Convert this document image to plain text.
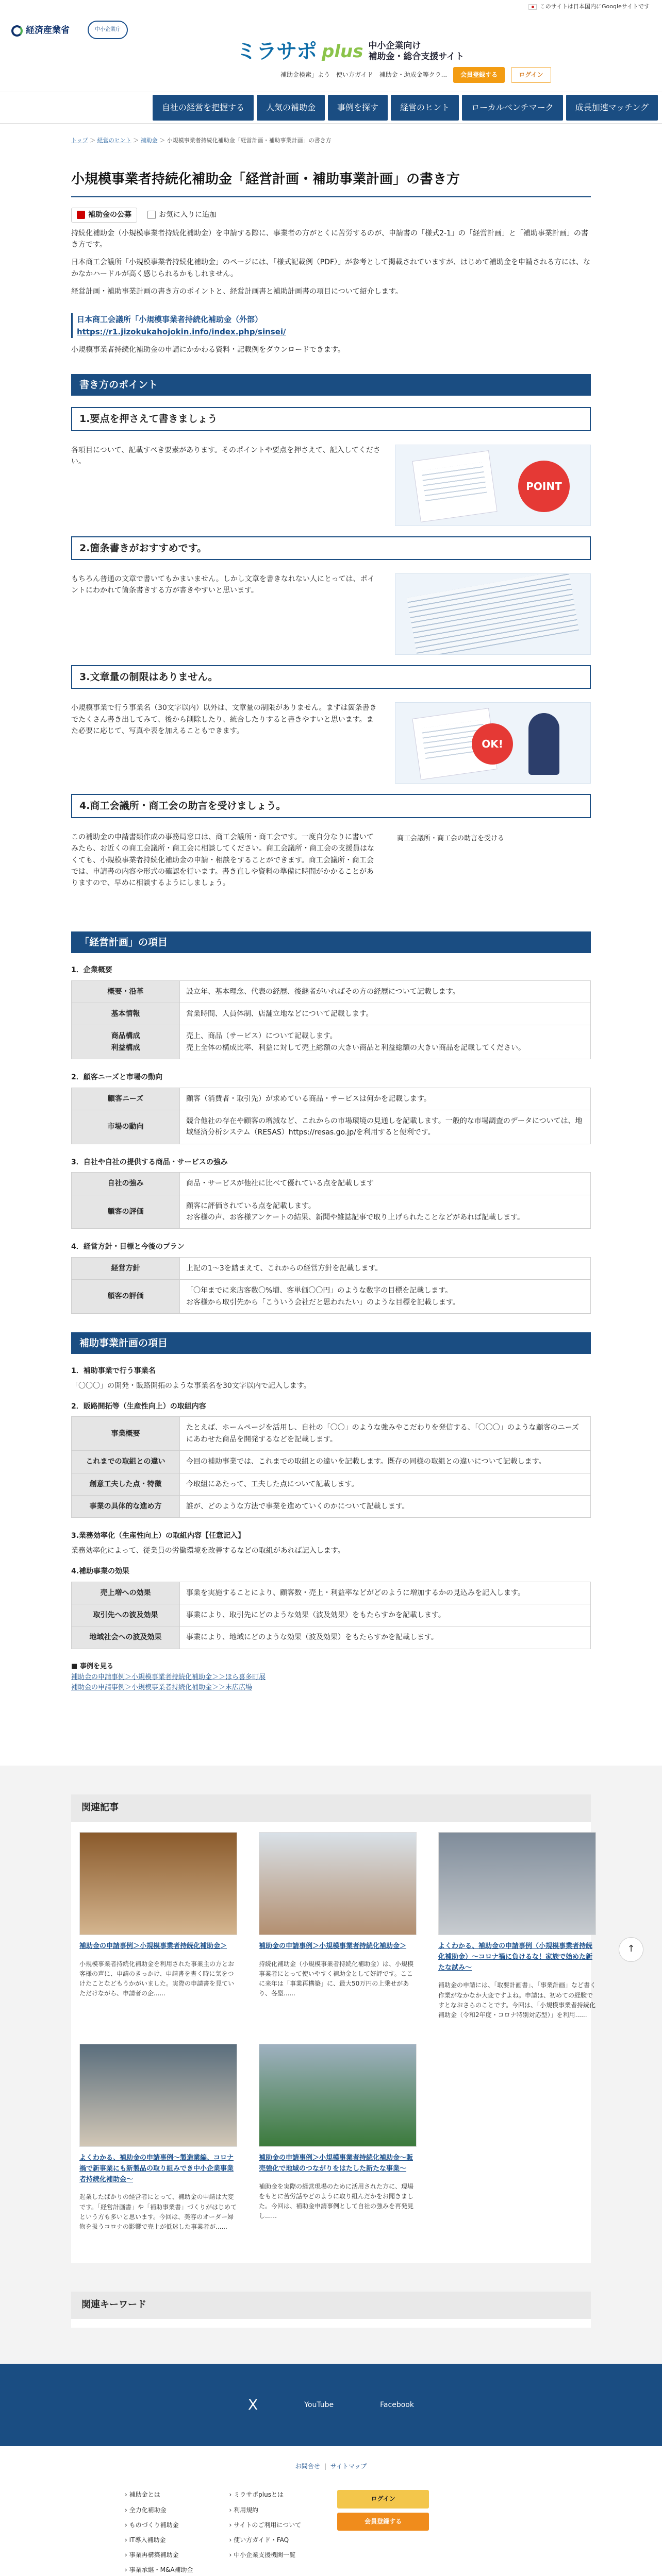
このサイトは日本国内にGoogleサイトです
経済産業省	中小企業庁
ミラサポ plus 中小企業向け
補助金・総合支援サイト
補助金検索」よう 使い方ガイド 補助金・助成金等クラ...	会員登録する	ログイン
自社の経営を把握する	人気の補助金	事例を探す	経営のヒント	ローカルベンチマーク	成長加速マッチング
トップ ＞ 経営のヒント ＞ 補助金 ＞ 小規模事業者持続化補助金「経営計画・補助事業計画」の書き方
小規模事業者持続化補助金「経営計画・補助事業計画」の書き方
補助金の公募	お気に入りに追加

持続化補助金（小規模事業者持続化補助金）を申請する際に、事業者の方がとくに苦労するのが、申請書の「様式2-1」の「経営計画」と「補助事業計画」の書き方です。

日本商工会議所「小規模事業者持続化補助金」のページには、「様式記載例（PDF）」が参考として掲載されていますが、はじめて補助金を申請される方には、なかなかハードルが高く感じられるかもしれません。

経営計画・補助事業計画の書き方のポイントと、経営計画書と補助計画書の項目について紹介します。

日本商工会議所「小規模事業者持続化補助金（外部）
https://r1.jizokukahojokin.info/index.php/sinsei/

小規模事業者持続化補助金の申請にかかわる資料・記載例をダウンロードできます。

書き方のポイント
1.要点を押さえて書きましょう
各項目について、記載すべき要素があります。そのポイントや要点を押さえて、記入してください。
POINT
2.箇条書きがおすすめです。
もちろん普通の文章で書いてもかまいません。しかし文章を書きなれない人にとっては、ポイントにわかれて箇条書きする方が書きやすいと思います。
3.文章量の制限はありません。
小規模事業で行う事業名（30文字以内）以外は、文章量の制限がありません。まずは箇条書きでたくさん書き出してみて、後から削除したり、統合したりすると書きやすいと思います。また必要に応じて、写真や表を加えることもできます。
OK!
4.商工会議所・商工会の助言を受けましょう。
この補助金の申請書類作成の事務局窓口は、商工会議所・商工会です。一度自分なりに書いてみたら、お近くの商工会議所・商工会に相談してください。商工会議所・商工会の支援員はなくても、小規模事業者持続化補助金の申請・相談をすることができます。商工会議所・商工会では、申請書の内容や形式の確認を行います。書き直しや資料の準備に時間がかかることがありますので、早めに相談するようにしましょう。
商工会議所・商工会の助言を受ける
「経営計画」の項目
1．企業概要
概要・沿革	設立年、基本理念、代表の経歴、後継者がいればその方の経歴について記載します。
基本情報	営業時間、人員体制、店舗立地などについて記載します。
商品構成
利益構成	売上、商品（サービス）について記載します。
売上全体の構成比率、利益に対して売上総額の大きい商品と利益総額の大きい商品を記載してください。
2．顧客ニーズと市場の動向
顧客ニーズ	顧客（消費者・取引先）が求めている商品・サービスは何かを記載します。
市場の動向	競合他社の存在や顧客の増減など、これからの市場環境の見通しを記載します。一般的な市場調査のデータについては、地域経済分析システム（RESAS）https://resas.go.jp/を利用すると便利です。
3．自社や自社の提供する商品・サービスの強み
自社の強み	商品・サービスが他社に比べて優れている点を記載します
顧客の評価	顧客に評価されている点を記載します。
お客様の声、お客様アンケートの結果、新聞や雑誌記事で取り上げられたことなどがあれば記載します。
4．経営方針・目標と今後のプラン
経営方針	上記の1～3を踏まえて、これからの経営方針を記載します。
顧客の評価	「〇年までに来店客数〇%増、客単価〇〇円」のような数字の目標を記載します。
お客様から取引先から「こういう会社だと思われたい」のような目標を記載します。
補助事業計画の項目
1．補助事業で行う事業名

「〇〇〇」の開発・販路開拓のような事業名を30文字以内で記入します。

2．販路開拓等（生産性向上）の取組内容
事業概要	たとえば、ホームページを活用し、自社の「〇〇」のような強みやこだわりを発信する、「〇〇〇」のような顧客のニーズにあわせた商品を開発するなどを記載します。
これまでの取組との違い	今回の補助事業では、これまでの取組との違いを記載します。既存の同様の取組との違いについて記載します。
創意工夫した点・特徴	今取組にあたって、工夫した点について記載します。
事業の具体的な進め方	誰が、どのような方法で事業を進めていくのかについて記載します。
3.業務効率化（生産性向上）の取組内容【任意記入】

業務効率化によって、従業員の労働環境を改善するなどの取組があれば記入します。

4.補助事業の効果
売上増への効果	事業を実施することにより、顧客数・売上・利益率などがどのように増加するかの見込みを記入します。
取引先への波及効果	事業により、取引先にどのような効果（波及効果）をもたらすかを記載します。
地域社会への波及効果	事業により、地域にどのような効果（波及効果）をもたらすかを記載します。
■ 事例を見る
補助金の申請事例＞小規模事業者持続化補助金＞＞ほら喜多町展
補助金の申請事例＞小規模事業者持続化補助金＞＞末広広場
↑
関連記事
補助金の申請事例＞小規模事業者持続化補助金＞
小規模事業者持続化補助金を利用された事業主の方とお客様の声に、申請のきっかけ、申請書を書く時に気をつけたことなどもうかがいました。実際の申請書を見ていただけながら、申請者の企......
補助金の申請事例＞小規模事業者持続化補助金＞
持続化補助金（小規模事業者持続化補助金）は、小規模事業者にとって使いやすく補助金として好評です。ここに来年は「事業再構築」に、最大50万円の上乗せがあり、各型......
よくわかる、補助金の申請事例（小規模事業者持続化補助金）～コロナ禍に負けるな！家族で始めた新たな試み～
補助金の申請には、「取要計画書」、「事業計画」など書く作業がなかなか大変ですよね。申請は、初めての経験ですとなおさらのことです。今回は、「小規模事業者持続化補助金（令和2年度・コロナ特別対応型）」を利用......
よくわかる、補助金の申請事例～製造業編、コロナ禍で新事業にも新製品の取り組みでき中小企業事業者持続化補助金～
起業したばかりの経営者にとって、補助金の申請は大変です。「経営計画書」や「補助事業書」づくりがはじめてという方も多いと思います。今回は、美容のオーダー婦物を扱うコロナの影響で売上が低迷した事業者が......
補助金の申請事例＞小規模事業者持続化補助金～販売強化で地域のつながりをはたした新たな事業～
補助金を実際の経営現場のために活用された方に、現場をもとに苦労話やどのように取り組んだかをお聞きました。今回は、補助金申請事例として自社の強みを再発見し......
関連キーワード
X	YouTube	Facebook
お問合せ | サイトマップ
› 補助金とは
› 全力化補助金
› ものづくり補助金
› IT導入補助金
› 事業再構築補助金
› 事業承継・M&A補助金
› ミラサポplusとは
› 利用規約
› サイトのご利用について
› 使い方ガイド・FAQ
› 中小企業支援機関一覧
ログイン
会員登録する
